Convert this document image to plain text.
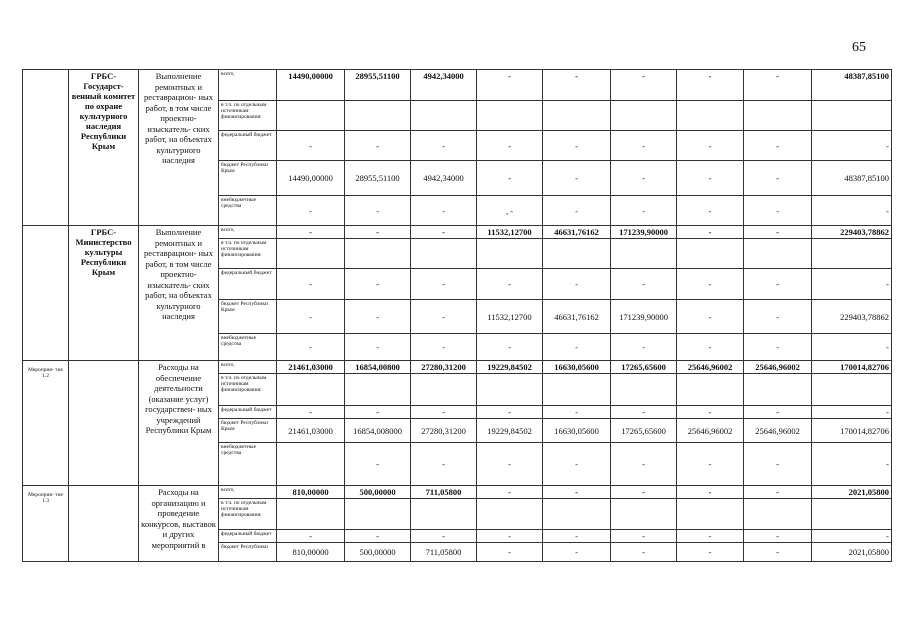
65
	ГРБС- Государст- венный комитет по охране культурного наследия Республики Крым	Выполнение ремонтных и реставрацион- ных работ, в том числе проектно- изыскатель- ских работ, на объектах культурного наследия	всего,	14490,00000	28955,51100	4942,34000	-	-	-	-	-	48387,85100
			в т.ч. по отдельным источникам финансирования:									
			федеральный бюджет	-	-	-	-	-	-	-	-	-
			бюджет Республики Крым	14490,00000	28955,51100	4942,34000	-	-	-	-	-	48387,85100
			внебюджетные средства	-	-	-	, -	-	-	-	-	-
	ГРБС- Министерство культуры Республики Крым	Выполнение ремонтных и реставрацион- ных работ, в том числе проектно- изыскатель- ских работ, на объектах культурного наследия	всего,	-	-	-	11532,12700	46631,76162	171239,90000	-	-	229403,78862
			в т.ч. по отдельным источникам финансирования:									
			федеральный бюджет	-	-	-	-	-	-	-	-	-
			бюджет Республики Крым	-	-	-	11532,12700	46631,76162	171239,90000	-	-	229403,78862
			внебюджетные средства	-	-	-	-	-	-	-	-	-
Мероприя- тие 1.2		Расходы на обеспечение деятельности (оказание услуг) государствен- ных учреждений Республики Крым	всего,	21461,03000	16854,00800	27280,31200	19229,84502	16630,05600	17265,65600	25646,96002	25646,96002	170014,82706
			в т.ч. по отдельным источникам финансирования:									
			федеральный бюджет	-	-	-	-	-	-	-	-	-
			бюджет Республики Крым	21461,03000	16854,008000	27280,31200	19229,84502	16630,05600	17265,65600	25646,96002	25646,96002	170014,82706
			внебюджетные средства		-	-	-	-	-	-	-	-
Мероприя- тие 1.3		Расходы на организацию и проведение конкурсов, выставок и других мероприятий в	всего,	810,00000	500,00000	711,05800	-	-	-	-	-	2021,05800
			в т.ч. по отдельным источникам финансирования:									
			федеральный бюджет	-	-	-	-	-	-	-	-	-
			бюджет Республики	810,00000	500,00000	711,05800	-	-	-	-	-	2021,05800
